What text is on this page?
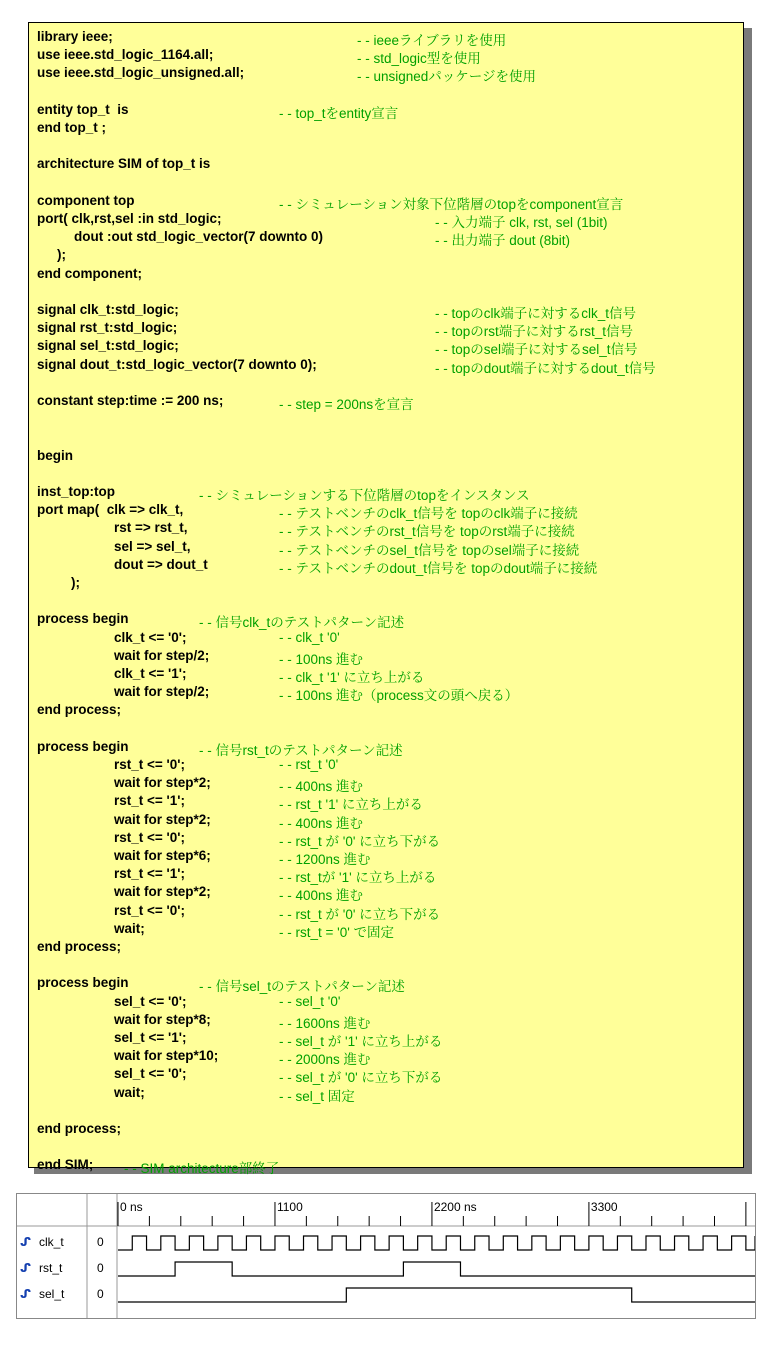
library ieee;	- - ieeeライブラリを使用
use ieee.std_logic_1164.all;	- - std_logic型を使用
use ieee.std_logic_unsigned.all;	- - unsignedパッケージを使用
entity top_t  is	- - top_tをentity宣言
end top_t ;
architecture SIM of top_t is
component top	- - シミュレーション対象下位階層のtopをcomponent宣言
port( clk,rst,sel :in std_logic;	- - 入力端子 clk, rst, sel (1bit)
dout :out std_logic_vector(7 downto 0)	- - 出力端子 dout (8bit)
);
end component;
signal clk_t:std_logic;	- - topのclk端子に対するclk_t信号
signal rst_t:std_logic;	- - topのrst端子に対するrst_t信号
signal sel_t:std_logic;	- - topのsel端子に対するsel_t信号
signal dout_t:std_logic_vector(7 downto 0);	- - topのdout端子に対するdout_t信号
constant step:time := 200 ns;	- - step = 200nsを宣言
begin
inst_top:top	- - シミュレーションする下位階層のtopをインスタンス
port map(  clk => clk_t,	- - テストベンチのclk_t信号を topのclk端子に接続
rst => rst_t,	- - テストベンチのrst_t信号を topのrst端子に接続
sel => sel_t,	- - テストベンチのsel_t信号を topのsel端子に接続
dout => dout_t	- - テストベンチのdout_t信号を topのdout端子に接続
);
process begin	- - 信号clk_tのテストパターン記述
clk_t <= '0';	- - clk_t '0'
wait for step/2;	- - 100ns 進む
clk_t <= '1';	- - clk_t '1' に立ち上がる
wait for step/2;	- - 100ns 進む（process文の頭へ戻る）
end process;
process begin	- - 信号rst_tのテストパターン記述
rst_t <= '0';	- - rst_t '0'
wait for step*2;	- - 400ns 進む
rst_t <= '1';	- - rst_t '1' に立ち上がる
wait for step*2;	- - 400ns 進む
rst_t <= '0';	- - rst_t が '0' に立ち下がる
wait for step*6;	- - 1200ns 進む
rst_t <= '1';	- - rst_tが '1' に立ち上がる
wait for step*2;	- - 400ns 進む
rst_t <= '0';	- - rst_t が '0' に立ち下がる
wait;	- - rst_t = '0' で固定
end process;
process begin	- - 信号sel_tのテストパターン記述
sel_t <= '0';	- - sel_t '0'
wait for step*8;	- - 1600ns 進む
sel_t <= '1';	- - sel_t が '1' に立ち上がる
wait for step*10;	- - 2000ns 進む
sel_t <= '0';	- - sel_t が '0' に立ち下がる
wait;	- - sel_t 固定
end process;
end SIM; - - SIM architecture部終了
0 ns	1100	2200 ns	3300
ᔑ clk_t	0
ᔑ rst_t	0
ᔑ sel_t	0
